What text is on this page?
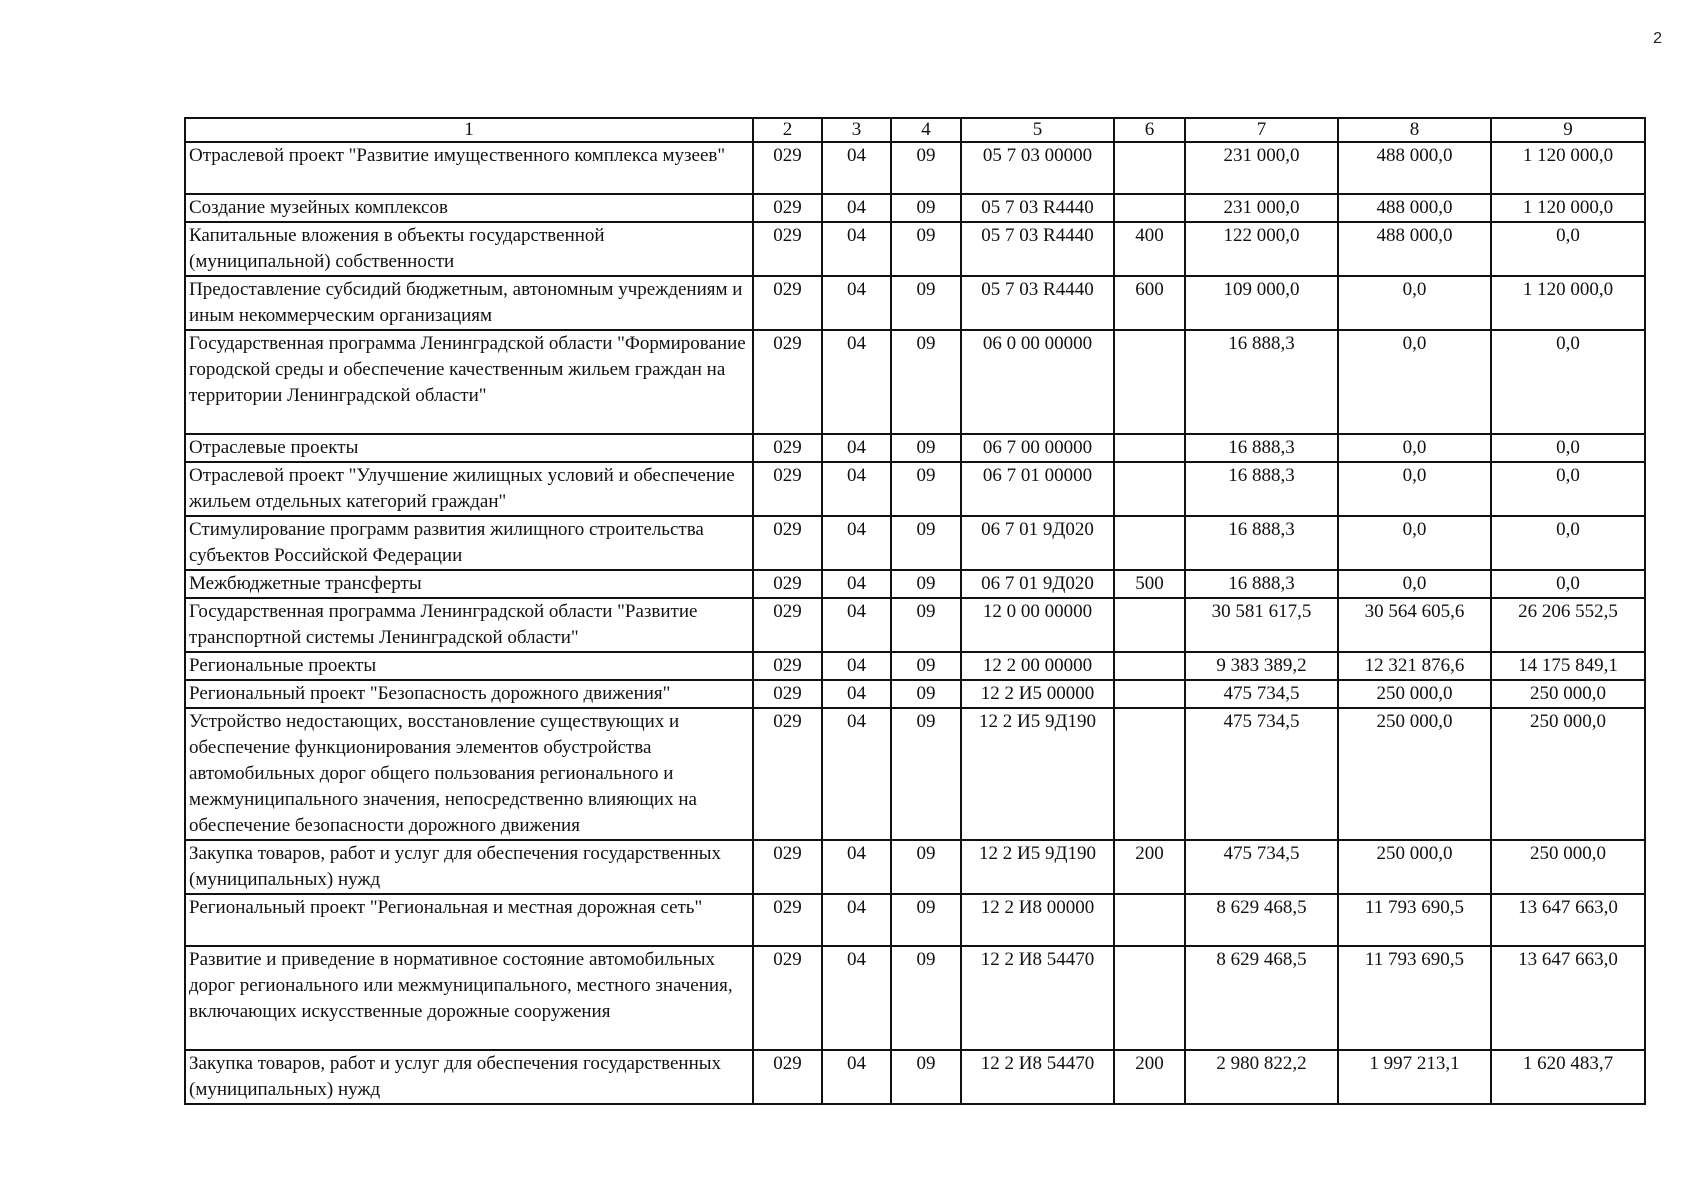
2
1	2	3	4	5	6	7	8	9
Отраслевой проект "Развитие имущественного комплекса музеев"	029	04	09	05 7 03 00000		231 000,0	488 000,0	1 120 000,0
Создание музейных комплексов	029	04	09	05 7 03 R4440		231 000,0	488 000,0	1 120 000,0
Капитальные вложения в объекты государственной (муниципальной) собственности	029	04	09	05 7 03 R4440	400	122 000,0	488 000,0	0,0
Предоставление субсидий бюджетным, автономным учреждениям и иным некоммерческим организациям	029	04	09	05 7 03 R4440	600	109 000,0	0,0	1 120 000,0
Государственная программа Ленинградской области "Формирование городской среды и обеспечение качественным жильем граждан на территории Ленинградской области"	029	04	09	06 0 00 00000		16 888,3	0,0	0,0
Отраслевые проекты	029	04	09	06 7 00 00000		16 888,3	0,0	0,0
Отраслевой проект "Улучшение жилищных условий и обеспечение жильем отдельных категорий граждан"	029	04	09	06 7 01 00000		16 888,3	0,0	0,0
Стимулирование программ развития жилищного строительства субъектов Российской Федерации	029	04	09	06 7 01 9Д020		16 888,3	0,0	0,0
Межбюджетные трансферты	029	04	09	06 7 01 9Д020	500	16 888,3	0,0	0,0
Государственная программа Ленинградской области "Развитие транспортной системы Ленинградской области"	029	04	09	12 0 00 00000		30 581 617,5	30 564 605,6	26 206 552,5
Региональные проекты	029	04	09	12 2 00 00000		9 383 389,2	12 321 876,6	14 175 849,1
Региональный проект "Безопасность дорожного движения"	029	04	09	12 2 И5 00000		475 734,5	250 000,0	250 000,0
Устройство недостающих, восстановление существующих и обеспечение функционирования элементов обустройства автомобильных дорог общего пользования регионального и межмуниципального значения, непосредственно влияющих на обеспечение безопасности дорожного движения	029	04	09	12 2 И5 9Д190		475 734,5	250 000,0	250 000,0
Закупка товаров, работ и услуг для обеспечения государственных (муниципальных) нужд	029	04	09	12 2 И5 9Д190	200	475 734,5	250 000,0	250 000,0
Региональный проект "Региональная и местная дорожная сеть"	029	04	09	12 2 И8 00000		8 629 468,5	11 793 690,5	13 647 663,0
Развитие и приведение в нормативное состояние автомобильных дорог регионального или межмуниципального, местного значения, включающих искусственные дорожные сооружения	029	04	09	12 2 И8 54470		8 629 468,5	11 793 690,5	13 647 663,0
Закупка товаров, работ и услуг для обеспечения государственных (муниципальных) нужд	029	04	09	12 2 И8 54470	200	2 980 822,2	1 997 213,1	1 620 483,7
